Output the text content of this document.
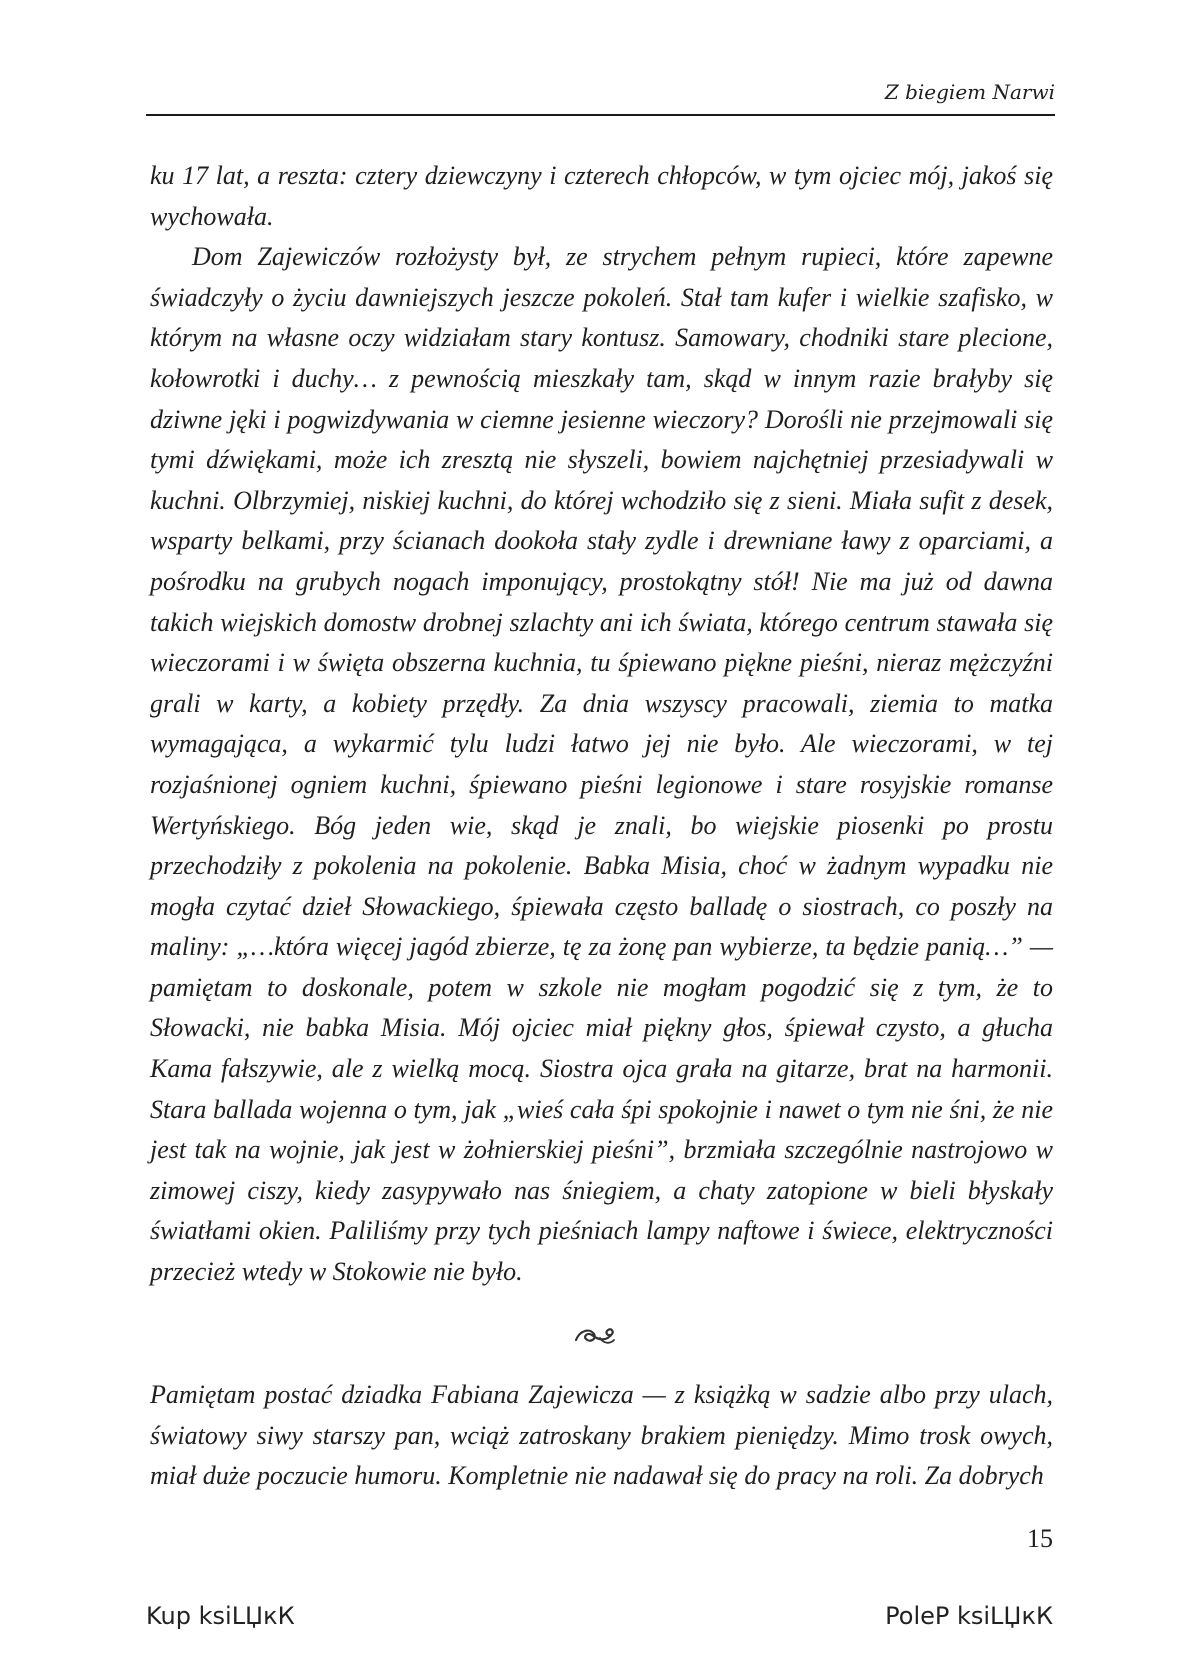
Z biegiem Narwi

ku 17 lat, a reszta: cztery dziewczyny i czterech chłopców, w tym ojciec mój, jakoś się wychowała.

Dom Zajewiczów rozłożysty był, ze strychem pełnym rupieci, które zapewne świadczyły o życiu dawniejszych jeszcze pokoleń. Stał tam kufer i wielkie szafisko, w którym na własne oczy widziałam stary kontusz. Samowary, chodniki stare plecione, kołowrotki i duchy… z pewnością mieszkały tam, skąd w innym razie brałyby się dziwne jęki i pogwizdywania w ciemne jesienne wieczory? Dorośli nie przejmowali się tymi dźwiękami, może ich zresztą nie słyszeli, bowiem najchętniej przesiadywali w kuchni. Olbrzymiej, niskiej kuchni, do której wchodziło się z sieni. Miała sufit z desek, wsparty belkami, przy ścianach dookoła stały zydle i drewniane ławy z oparciami, a pośrodku na grubych nogach imponujący, prostokątny stół! Nie ma już od dawna takich wiejskich domostw drobnej szlachty ani ich świata, którego centrum stawała się wieczorami i w święta obszerna kuchnia, tu śpiewano piękne pieśni, nieraz mężczyźni grali w karty, a kobiety przędły. Za dnia wszyscy pracowali, ziemia to matka wymagająca, a wykarmić tylu ludzi łatwo jej nie było. Ale wieczorami, w tej rozjaśnionej ogniem kuchni, śpiewano pieśni legionowe i stare rosyjskie romanse Wertyńskiego. Bóg jeden wie, skąd je znali, bo wiejskie piosenki po prostu przechodziły z pokolenia na pokolenie. Babka Misia, choć w żadnym wypadku nie mogła czytać dzieł Słowackiego, śpiewała często balladę o siostrach, co poszły na maliny: „…która więcej jagód zbierze, tę za żonę pan wybierze, ta będzie panią…” — pamiętam to doskonale, potem w szkole nie mogłam pogodzić się z tym, że to Słowacki, nie babka Misia. Mój ojciec miał piękny głos, śpiewał czysto, a głucha Kama fałszywie, ale z wielką mocą. Siostra ojca grała na gitarze, brat na harmonii. Stara ballada wojenna o tym, jak „wieś cała śpi spokojnie i nawet o tym nie śni, że nie jest tak na wojnie, jak jest w żołnierskiej pieśni”, brzmiała szczególnie nastrojowo w zimowej ciszy, kiedy zasypywało nas śniegiem, a chaty zatopione w bieli błyskały światłami okien. Paliliśmy przy tych pieśniach lampy naftowe i świece, elektryczności przecież wtedy w Stokowie nie było.

Pamiętam postać dziadka Fabiana Zajewicza — z książką w sadzie albo przy ulach, światowy siwy starszy pan, wciąż zatroskany brakiem pieniędzy. Mimo trosk owych, miał duże poczucie humoru. Kompletnie nie nadawał się do pracy na roli. Za dobrych

15
Kup ksiLЏкК	PoleP ksiLЏкК
